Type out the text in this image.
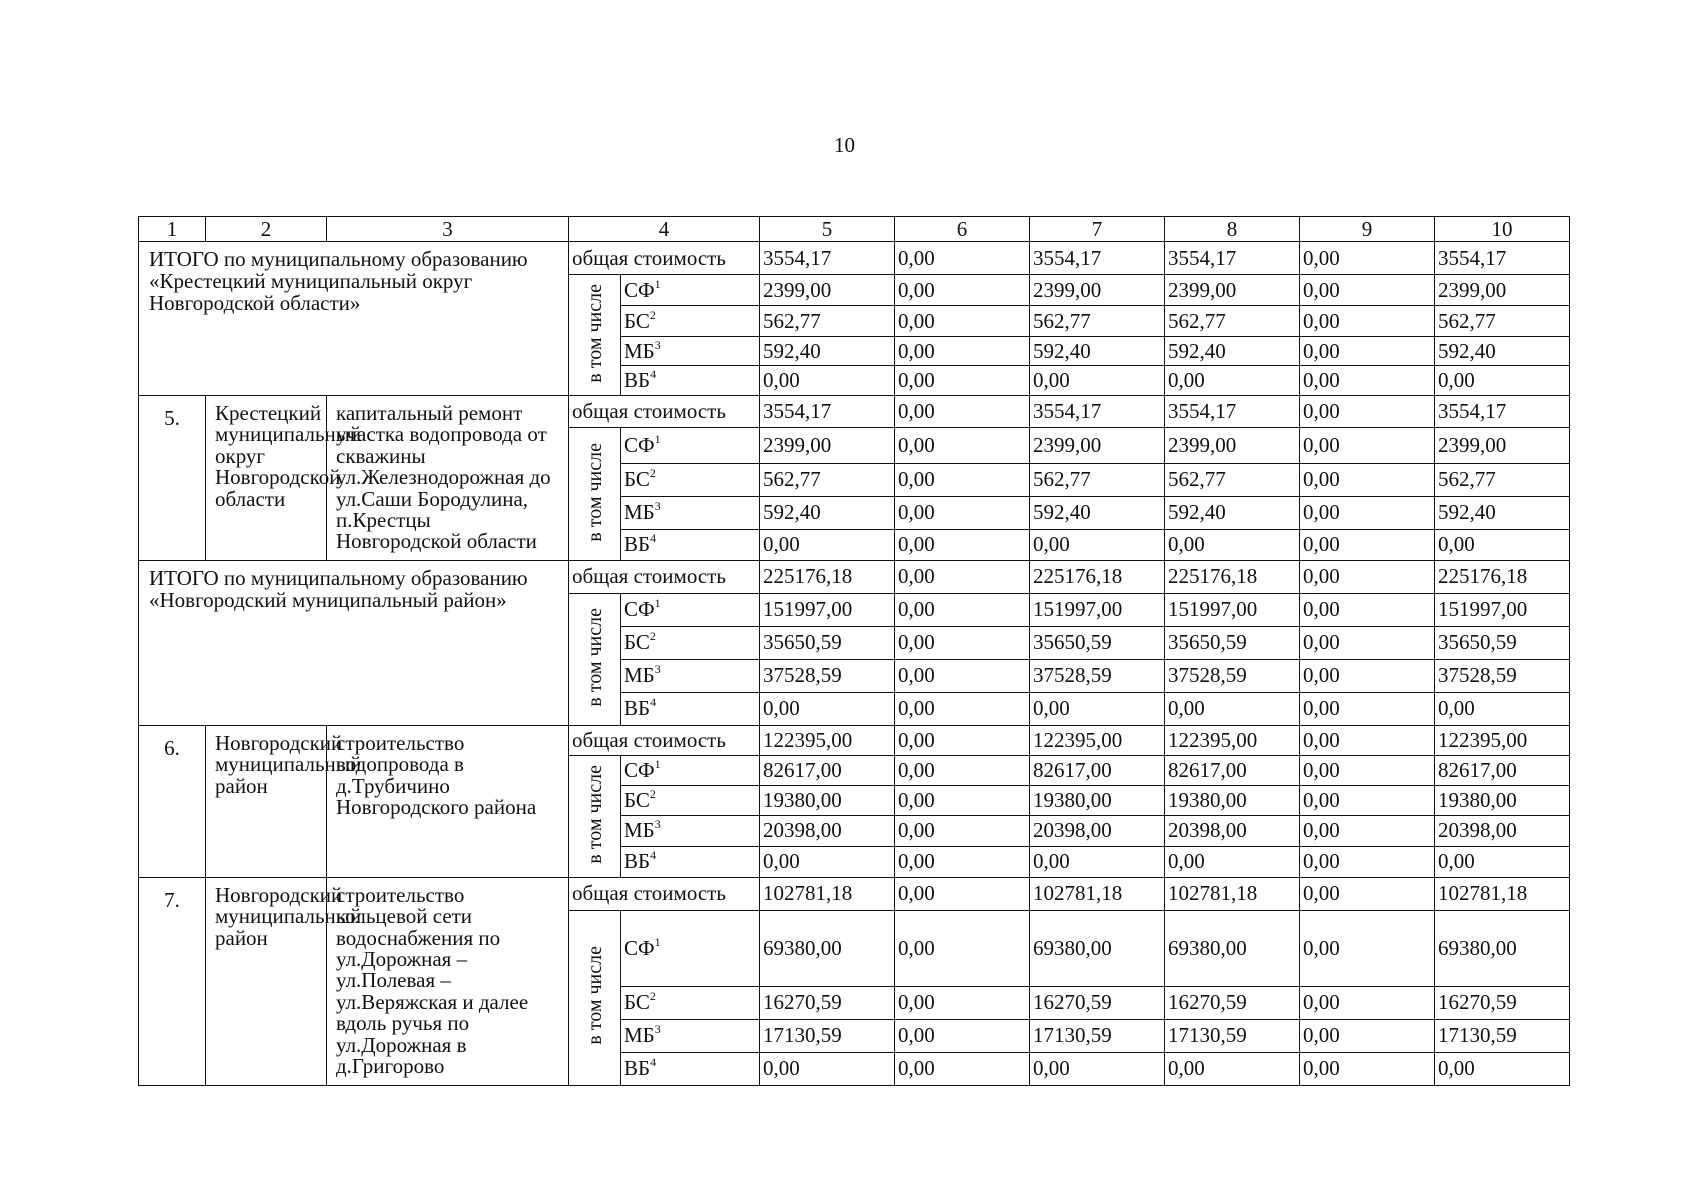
10
1	2	3	4		5	6	7	8	9	10
ИТОГО по муниципальному образованию «Крестецкий муниципальный округ Новгородской области»			общая стоимость		3554,17	0,00	3554,17	3554,17	0,00	3554,17
			в том числе	$СФ^1$	2399,00	0,00	2399,00	2399,00	0,00	2399,00
				$БС^2$	562,77	0,00	562,77	562,77	0,00	562,77
				$МБ^3$	592,40	0,00	592,40	592,40	0,00	592,40
				$ВБ^4$	0,00	0,00	0,00	0,00	0,00	0,00
5.	Крестецкий муниципальный округ Новгородской области	капитальный ремонт участка водопровода от скважины ул.Железнодорожная до ул.Саши Бородулина, п.Крестцы Новгородской области	общая стоимость		3554,17	0,00	3554,17	3554,17	0,00	3554,17
			в том числе	$СФ^1$	2399,00	0,00	2399,00	2399,00	0,00	2399,00
				$БС^2$	562,77	0,00	562,77	562,77	0,00	562,77
				$МБ^3$	592,40	0,00	592,40	592,40	0,00	592,40
				$ВБ^4$	0,00	0,00	0,00	0,00	0,00	0,00
ИТОГО по муниципальному образованию «Новгородский муниципальный район»			общая стоимость		225176,18	0,00	225176,18	225176,18	0,00	225176,18
			в том числе	$СФ^1$	151997,00	0,00	151997,00	151997,00	0,00	151997,00
				$БС^2$	35650,59	0,00	35650,59	35650,59	0,00	35650,59
				$МБ^3$	37528,59	0,00	37528,59	37528,59	0,00	37528,59
				$ВБ^4$	0,00	0,00	0,00	0,00	0,00	0,00
6.	Новгородский муниципальный район	строительство водопровода в д.Трубичино Новгородского района	общая стоимость		122395,00	0,00	122395,00	122395,00	0,00	122395,00
			в том числе	$СФ^1$	82617,00	0,00	82617,00	82617,00	0,00	82617,00
				$БС^2$	19380,00	0,00	19380,00	19380,00	0,00	19380,00
				$МБ^3$	20398,00	0,00	20398,00	20398,00	0,00	20398,00
				$ВБ^4$	0,00	0,00	0,00	0,00	0,00	0,00
7.	Новгородский муниципальный район	строительство кольцевой сети водоснабжения по ул.Дорожная – ул.Полевая – ул.Веряжская и далее вдоль ручья по ул.Дорожная в д.Григорово	общая стоимость		102781,18	0,00	102781,18	102781,18	0,00	102781,18
			в том числе	$СФ^1$	69380,00	0,00	69380,00	69380,00	0,00	69380,00
				$БС^2$	16270,59	0,00	16270,59	16270,59	0,00	16270,59
				$МБ^3$	17130,59	0,00	17130,59	17130,59	0,00	17130,59
				$ВБ^4$	0,00	0,00	0,00	0,00	0,00	0,00
